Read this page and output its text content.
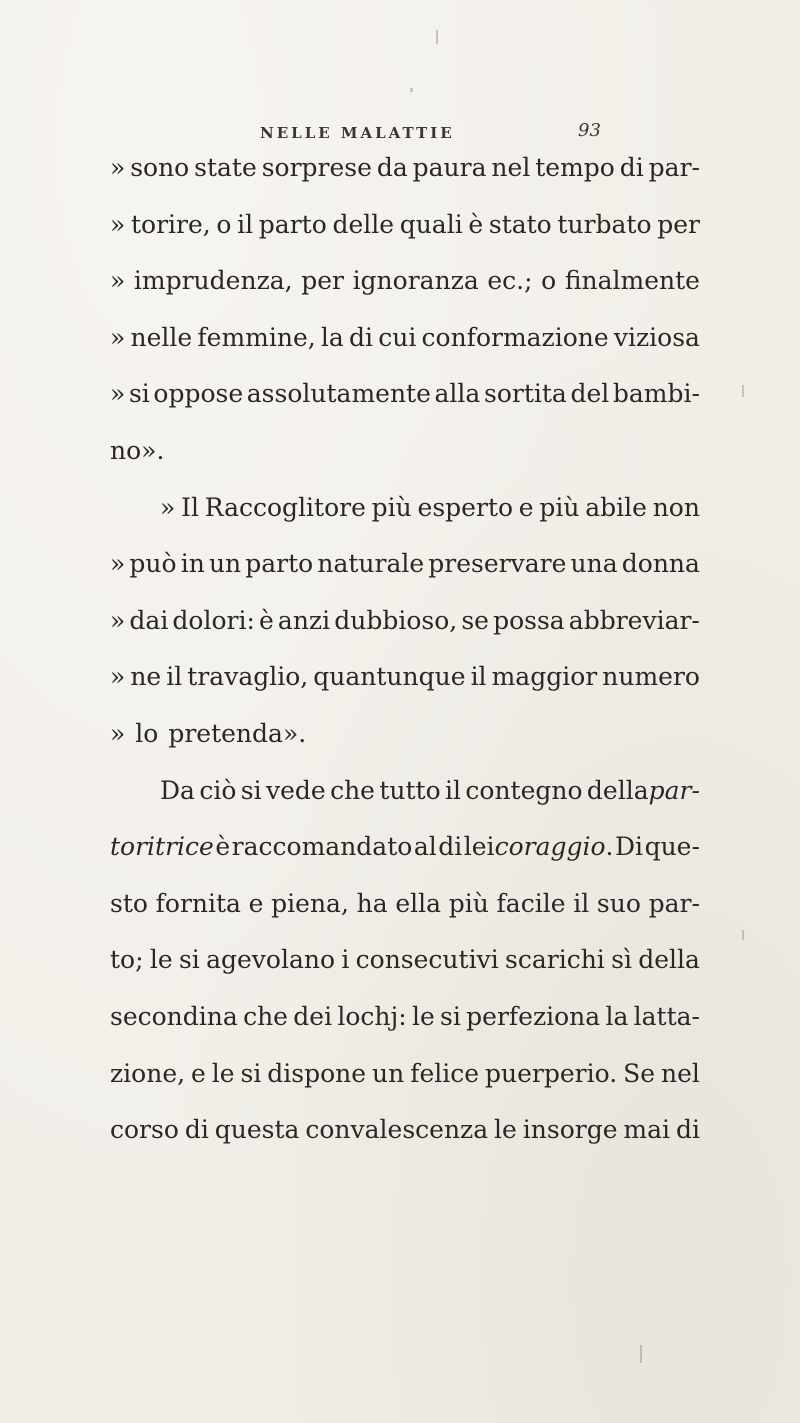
NELLE MALATTIE	93
» sono state sorprese da paura nel tempo di par-
» torire, o il parto delle quali è stato turbato per
» imprudenza, per ignoranza ec.; o finalmente
» nelle femmine, la di cui conformazione viziosa
» si oppose assolutamente alla sortita del bambi-
no».
» Il Raccoglitore più esperto e più abile non
» può in un parto naturale preservare una donna
» dai dolori: è anzi dubbioso, se possa abbreviar-
» ne il travaglio, quantunque il maggior numero
» lo pretenda».
Da ciò si vede che tutto il contegno dellapar-
toritrice è raccomandato al di leicoraggio. Di que-
sto fornita e piena, ha ella più facile il suo par-
to; le si agevolano i consecutivi scarichi sì della
secondina che dei lochj: le si perfeziona la latta-
zione, e le si dispone un felice puerperio. Se nel
corso di questa convalescenza le insorge mai di
